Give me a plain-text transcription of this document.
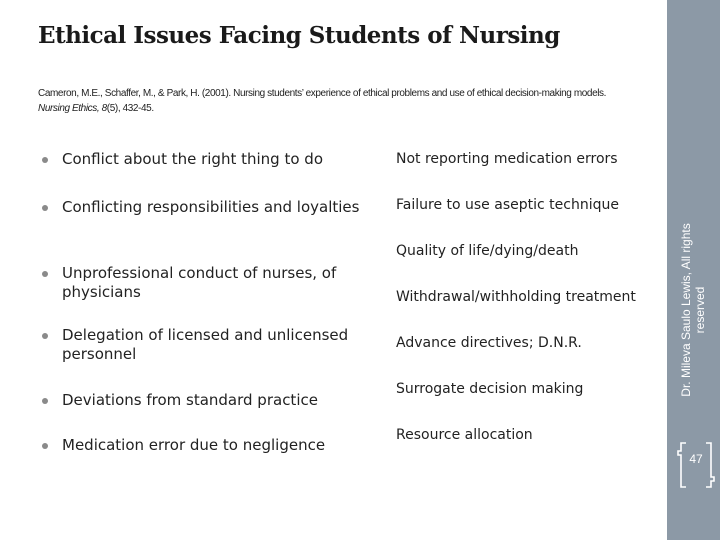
Ethical Issues Facing Students of Nursing
Cameron, M.E., Schaffer, M., & Park, H. (2001). Nursing students’ experience of ethical problems and use of ethical decision-making models.
Nursing Ethics, 8(5), 432-45.
Conflict about the right thing to do
Conflicting responsibilities and loyalties
Unprofessional conduct of nurses, of physicians
Delegation of licensed and unlicensed personnel
Deviations from standard practice
Medication error due to negligence
Not reporting medication errors
Failure to use aseptic technique
Quality of life/dying/death
Withdrawal/withholding treatment
Advance directives; D.N.R.
Surrogate decision making
Resource allocation
Dr. Mileva Saulo Lewis, All rights reserved
47
